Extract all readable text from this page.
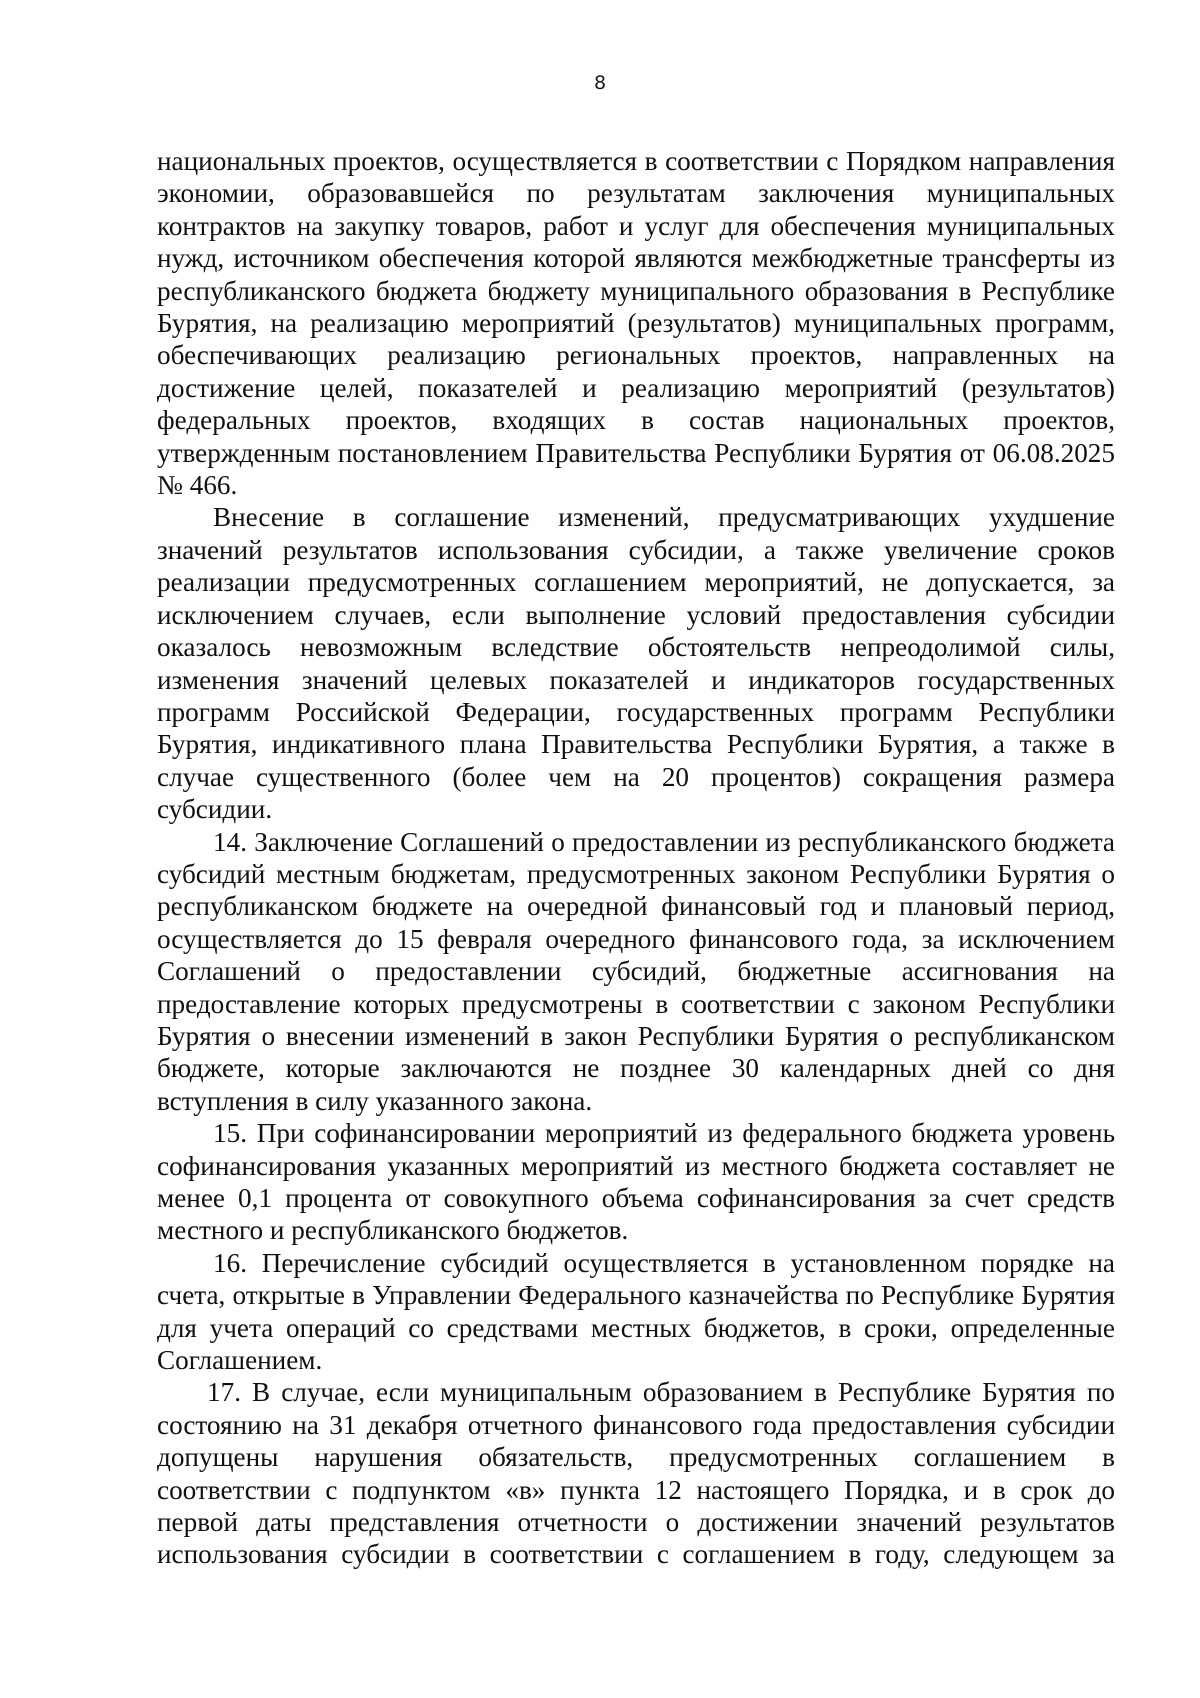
8

национальных проектов, осуществляется в соответствии с Порядком направления экономии, образовавшейся по результатам заключения муниципальных контрактов на закупку товаров, работ и услуг для обеспечения муниципальных нужд, источником обеспечения которой являются межбюджетные трансферты из республиканского бюджета бюджету муниципального образования в Республике Бурятия, на реализацию мероприятий (результатов) муниципальных программ, обеспечивающих реализацию региональных проектов, направленных на достижение целей, показателей и реализацию мероприятий (результатов) федеральных проектов, входящих в состав национальных проектов, утвержденным постановлением Правительства Республики Бурятия от 06.08.2025 № 466.

Внесение в соглашение изменений, предусматривающих ухудшение значений результатов использования субсидии, а также увеличение сроков реализации предусмотренных соглашением мероприятий, не допускается, за исключением случаев, если выполнение условий предоставления субсидии оказалось невозможным вследствие обстоятельств непреодолимой силы, изменения значений целевых показателей и индикаторов государственных программ Российской Федерации, государственных программ Республики Бурятия, индикативного плана Правительства Республики Бурятия, а также в случае существенного (более чем на 20 процентов) сокращения размера субсидии.

14. Заключение Соглашений о предоставлении из республиканского бюджета субсидий местным бюджетам, предусмотренных законом Республики Бурятия о республиканском бюджете на очередной финансовый год и плановый период, осуществляется до 15 февраля очередного финансового года, за исключением Соглашений о предоставлении субсидий, бюджетные ассигнования на предоставление которых предусмотрены в соответствии с законом Республики Бурятия о внесении изменений в закон Республики Бурятия о республиканском бюджете, которые заключаются не позднее 30 календарных дней со дня вступления в силу указанного закона.

15. При софинансировании мероприятий из федерального бюджета уровень софинансирования указанных мероприятий из местного бюджета составляет не менее 0,1 процента от совокупного объема софинансирования за счет средств местного и республиканского бюджетов.

16. Перечисление субсидий осуществляется в установленном порядке на счета, открытые в Управлении Федерального казначейства по Республике Бурятия для учета операций со средствами местных бюджетов, в сроки, определенные Соглашением.

17. В случае, если муниципальным образованием в Республике Бурятия по состоянию на 31 декабря отчетного финансового года предоставления субсидии допущены нарушения обязательств, предусмотренных соглашением в соответствии с подпунктом «в» пункта 12 настоящего Порядка, и в срок до первой даты представления отчетности о достижении значений результатов использования субсидии в соответствии с соглашением в году, следующем за
